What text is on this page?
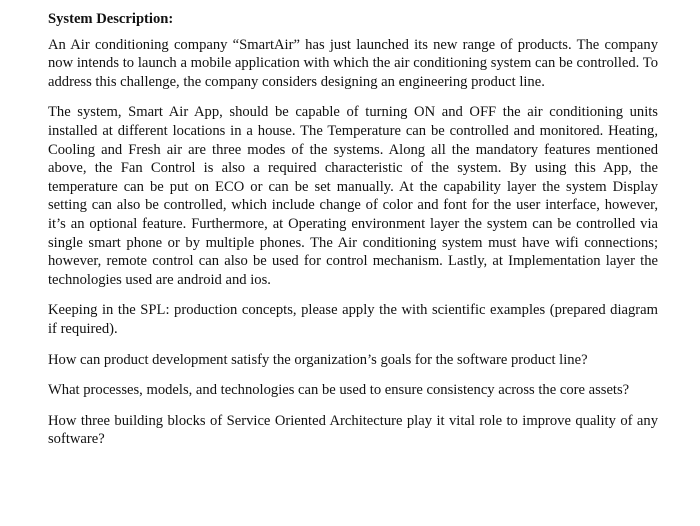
System Description:

An Air conditioning company “SmartAir” has just launched its new range of products. The company now intends to launch a mobile application with which the air conditioning system can be controlled. To address this challenge, the company considers designing an engineering product line.

The system, Smart Air App, should be capable of turning ON and OFF the air conditioning units installed at different locations in a house. The Temperature can be controlled and monitored. Heating, Cooling and Fresh air are three modes of the systems. Along all the mandatory features mentioned above, the Fan Control is also a required characteristic of the system. By using this App, the temperature can be put on ECO or can be set manually. At the capability layer the system Display setting can also be controlled, which include change of color and font for the user interface, however, it’s an optional feature. Furthermore, at Operating environment layer the system can be controlled via single smart phone or by multiple phones. The Air conditioning system must have wifi connections; however, remote control can also be used for control mechanism. Lastly, at Implementation layer the technologies used are android and ios.

Keeping in the SPL: production concepts, please apply the with scientific examples (prepared diagram if required).

How can product development satisfy the organization’s goals for the software product line?

What processes, models, and technologies can be used to ensure consistency across the core assets?

How three building blocks of Service Oriented Architecture play it vital role to improve quality of any software?
